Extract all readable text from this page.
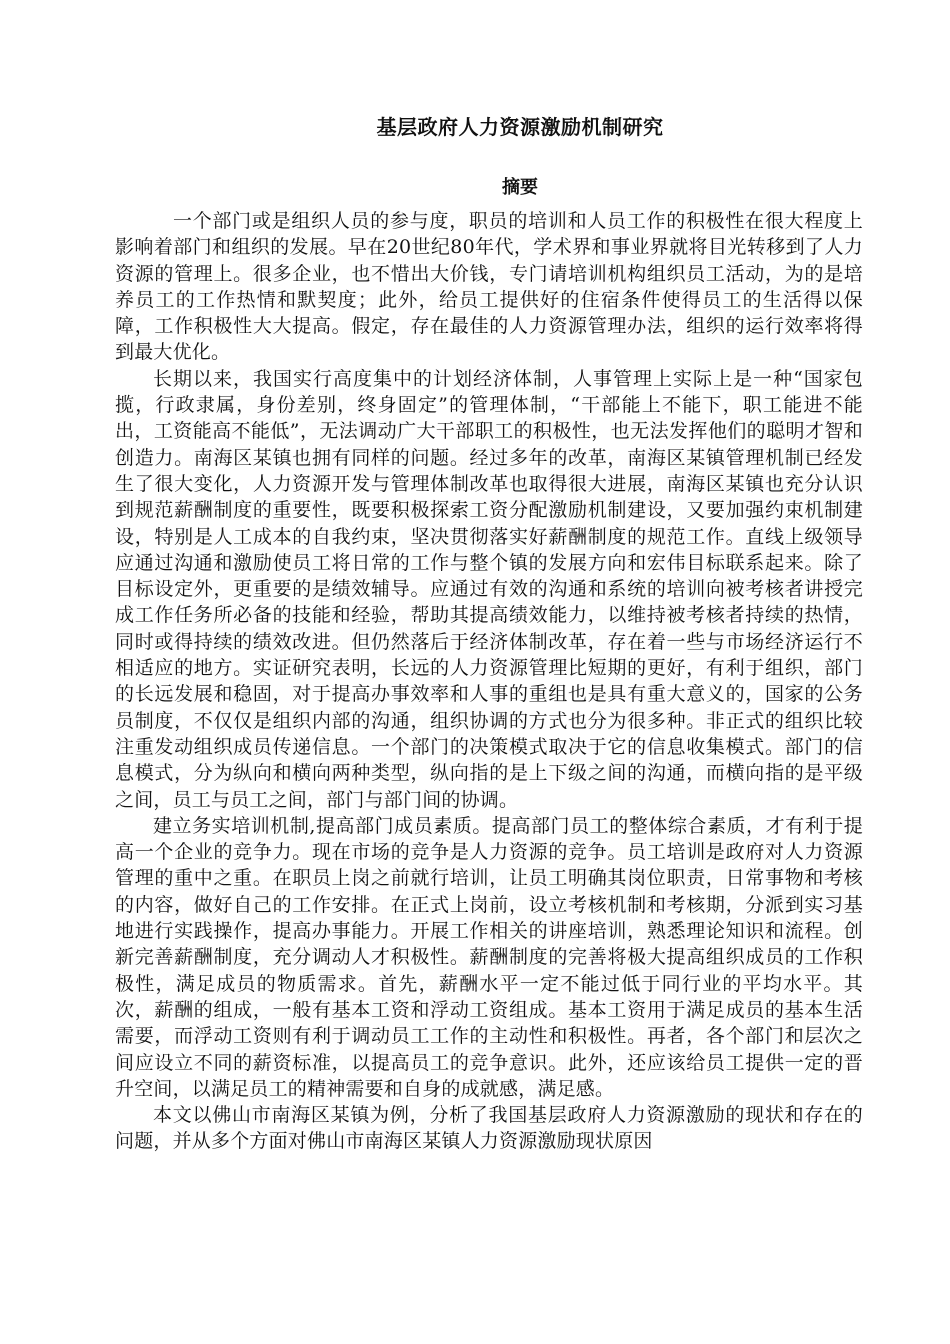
基层政府人力资源激励机制研究
摘要

一个部门或是组织人员的参与度，职员的培训和人员工作的积极性在很大程度上影响着部门和组织的发展。早在20世纪80年代，学术界和事业界就将目光转移到了人力资源的管理上。很多企业，也不惜出大价钱，专门请培训机构组织员工活动，为的是培养员工的工作热情和默契度；此外，给员工提供好的住宿条件使得员工的生活得以保障，工作积极性大大提高。假定，存在最佳的人力资源管理办法，组织的运行效率将得到最大优化。

长期以来，我国实行高度集中的计划经济体制，人事管理上实际上是一种“国家包揽，行政隶属，身份差别，终身固定”的管理体制，“干部能上不能下，职工能进不能出，工资能高不能低”，无法调动广大干部职工的积极性，也无法发挥他们的聪明才智和创造力。南海区某镇也拥有同样的问题。经过多年的改革，南海区某镇管理机制已经发生了很大变化，人力资源开发与管理体制改革也取得很大进展，南海区某镇也充分认识到规范薪酬制度的重要性，既要积极探索工资分配激励机制建设，又要加强约束机制建设，特别是人工成本的自我约束，坚决贯彻落实好薪酬制度的规范工作。直线上级领导应通过沟通和激励使员工将日常的工作与整个镇的发展方向和宏伟目标联系起来。除了目标设定外，更重要的是绩效辅导。应通过有效的沟通和系统的培训向被考核者讲授完成工作任务所必备的技能和经验，帮助其提高绩效能力，以维持被考核者持续的热情，同时或得持续的绩效改进。但仍然落后于经济体制改革，存在着一些与市场经济运行不相适应的地方。实证研究表明，长远的人力资源管理比短期的更好，有利于组织，部门的长远发展和稳固，对于提高办事效率和人事的重组也是具有重大意义的，国家的公务员制度，不仅仅是组织内部的沟通，组织协调的方式也分为很多种。非正式的组织比较注重发动组织成员传递信息。一个部门的决策模式取决于它的信息收集模式。部门的信息模式，分为纵向和横向两种类型，纵向指的是上下级之间的沟通，而横向指的是平级之间，员工与员工之间，部门与部门间的协调。

建立务实培训机制,提高部门成员素质。提高部门员工的整体综合素质，才有利于提高一个企业的竞争力。现在市场的竞争是人力资源的竞争。员工培训是政府对人力资源管理的重中之重。在职员上岗之前就行培训，让员工明确其岗位职责，日常事物和考核的内容，做好自己的工作安排。在正式上岗前，设立考核机制和考核期，分派到实习基地进行实践操作，提高办事能力。开展工作相关的讲座培训，熟悉理论知识和流程。创新完善薪酬制度，充分调动人才积极性。薪酬制度的完善将极大提高组织成员的工作积极性，满足成员的物质需求。首先，薪酬水平一定不能过低于同行业的平均水平。其次，薪酬的组成，一般有基本工资和浮动工资组成。基本工资用于满足成员的基本生活需要，而浮动工资则有利于调动员工工作的主动性和积极性。再者，各个部门和层次之间应设立不同的薪资标准，以提高员工的竞争意识。此外，还应该给员工提供一定的晋升空间，以满足员工的精神需要和自身的成就感，满足感。

本文以佛山市南海区某镇为例，分析了我国基层政府人力资源激励的现状和存在的问题，并从多个方面对佛山市南海区某镇人力资源激励现状原因
